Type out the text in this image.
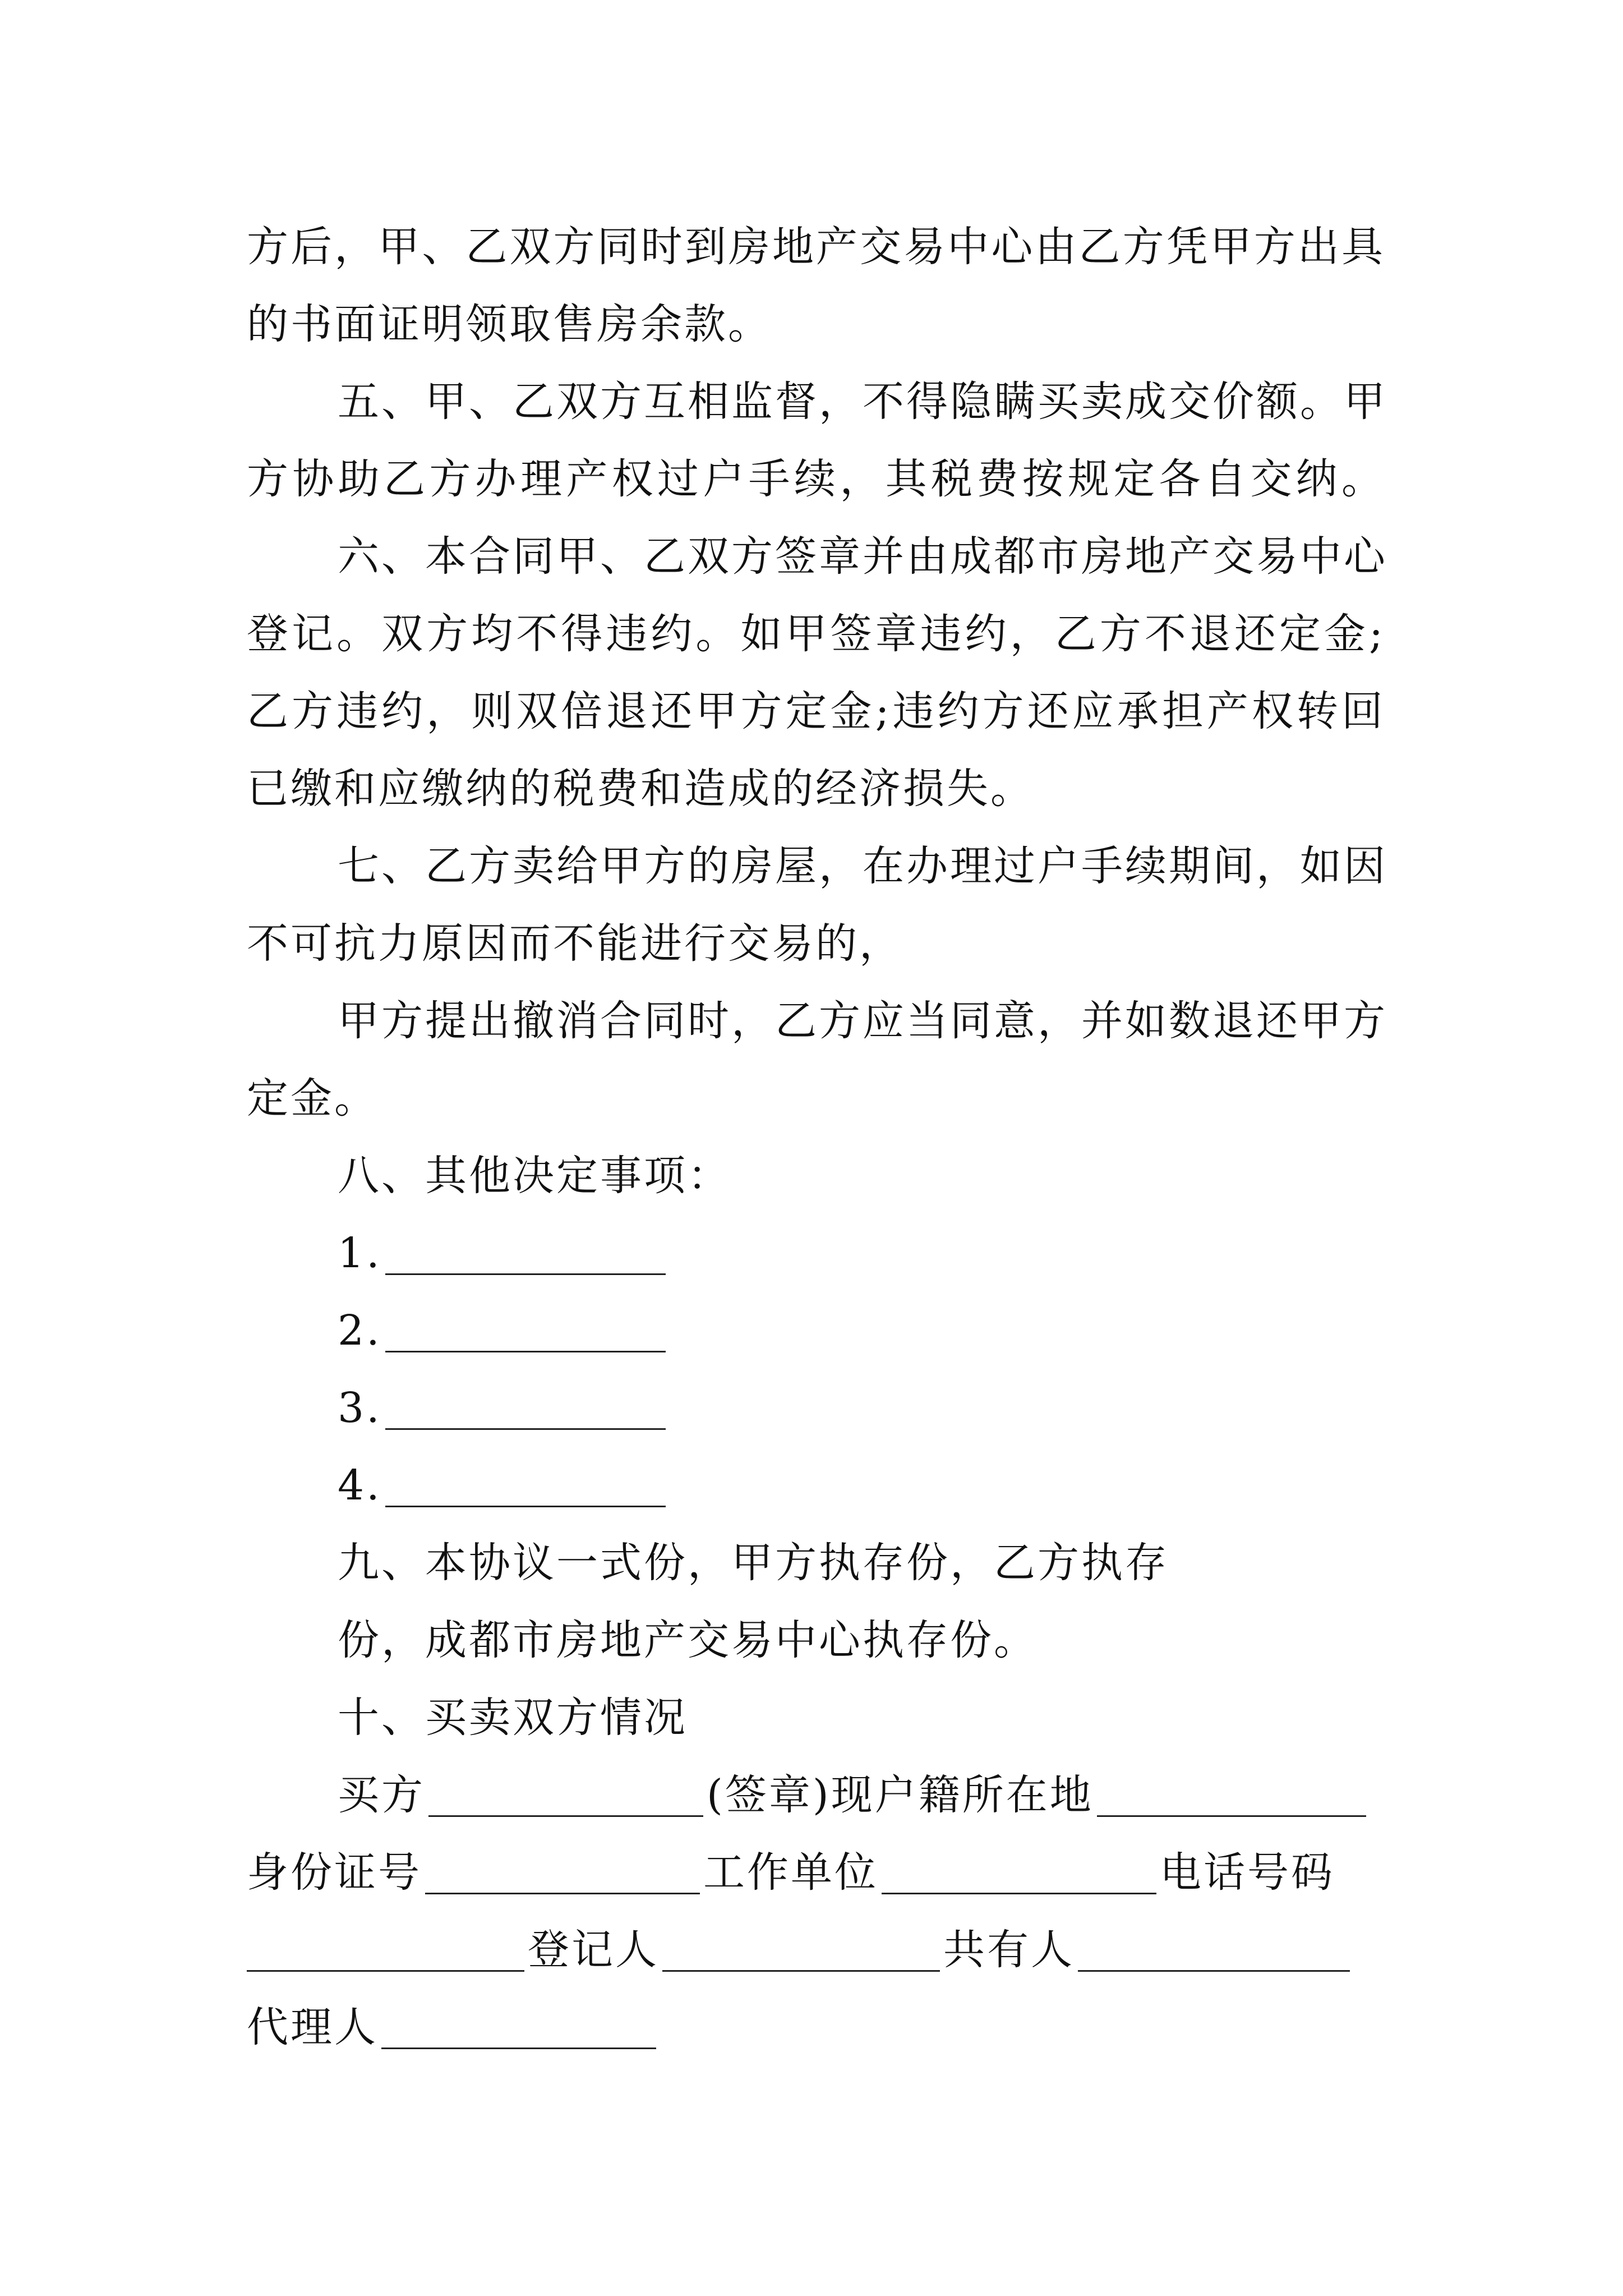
方后，甲、乙双方同时到房地产交易中心由乙方凭甲方出具
的书面证明领取售房余款。
五、甲、乙双方互相监督，不得隐瞒买卖成交价额。甲
方协助乙方办理产权过户手续，其税费按规定各自交纳。
六、本合同甲、乙双方签章并由成都市房地产交易中心
登记。双方均不得违约。如甲签章违约，乙方不退还定金;
乙方违约，则双倍退还甲方定金;违约方还应承担产权转回
已缴和应缴纳的税费和造成的经济损失。
七、乙方卖给甲方的房屋，在办理过户手续期间，如因
不可抗力原因而不能进行交易的，
甲方提出撤消合同时，乙方应当同意，并如数退还甲方
定金。
八、其他决定事项：
1.
2.
3.
4.
九、本协议一式份，甲方执存份，乙方执存
份，成都市房地产交易中心执存份。
十、买卖双方情况
买方	(签章)现户籍所在地
身份证号	工作单位	电话号码
登记人	共有人
代理人
